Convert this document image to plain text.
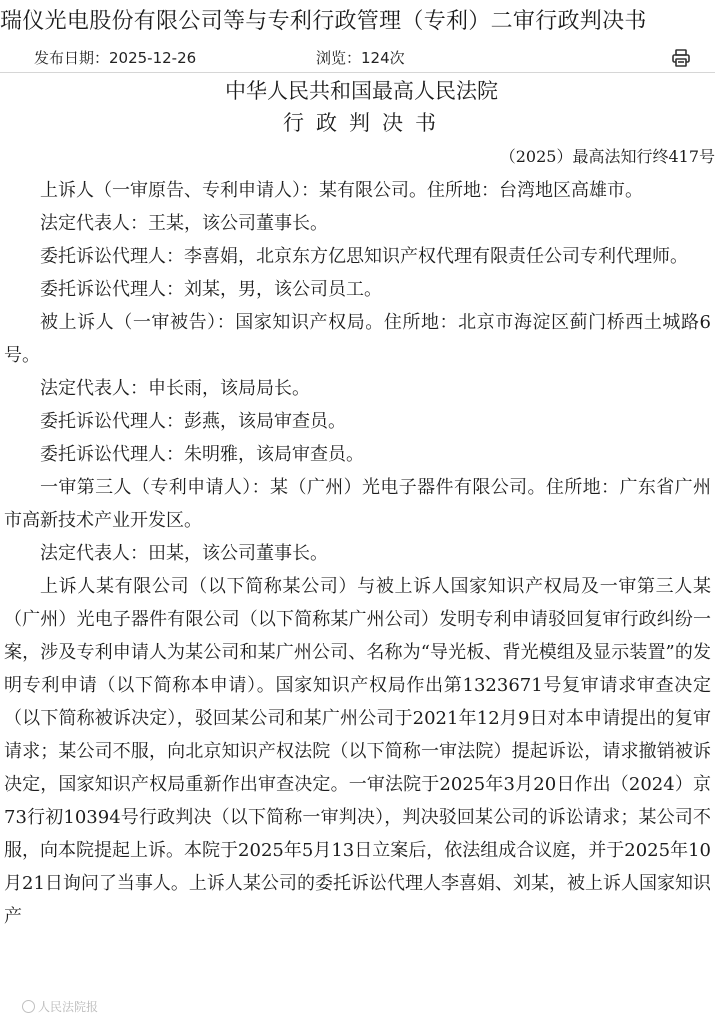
瑞仪光电股份有限公司等与专利行政管理（专利）二审行政判决书
发布日期：2025-12-26	浏览：124次

中华人民共和国最高人民法院

行政判决书

（2025）最高法知行终417号

上诉人（一审原告、专利申请人）：某有限公司。住所地：台湾地区高雄市。

法定代表人：王某，该公司董事长。

委托诉讼代理人：李喜娟，北京东方亿思知识产权代理有限责任公司专利代理师。

委托诉讼代理人：刘某，男，该公司员工。

被上诉人（一审被告）：国家知识产权局。住所地：北京市海淀区蓟门桥西土城路6号。

法定代表人：申长雨，该局局长。

委托诉讼代理人：彭燕，该局审查员。

委托诉讼代理人：朱明雅，该局审查员。

一审第三人（专利申请人）：某（广州）光电子器件有限公司。住所地：广东省广州市高新技术产业开发区。

法定代表人：田某，该公司董事长。

上诉人某有限公司（以下简称某公司）与被上诉人国家知识产权局及一审第三人某（广州）光电子器件有限公司（以下简称某广州公司）发明专利申请驳回复审行政纠纷一案，涉及专利申请人为某公司和某广州公司、名称为“导光板、背光模组及显示装置”的发明专利申请（以下简称本申请）。国家知识产权局作出第1323671号复审请求审查决定（以下简称被诉决定），驳回某公司和某广州公司于2021年12月9日对本申请提出的复审请求；某公司不服，向北京知识产权法院（以下简称一审法院）提起诉讼，请求撤销被诉决定，国家知识产权局重新作出审查决定。一审法院于2025年3月20日作出（2024）京73行初10394号行政判决（以下简称一审判决），判决驳回某公司的诉讼请求；某公司不服，向本院提起上诉。本院于2025年5月13日立案后，依法组成合议庭，并于2025年10月21日询问了当事人。上诉人某公司的委托诉讼代理人李喜娟、刘某，被上诉人国家知识产

人民法院报
